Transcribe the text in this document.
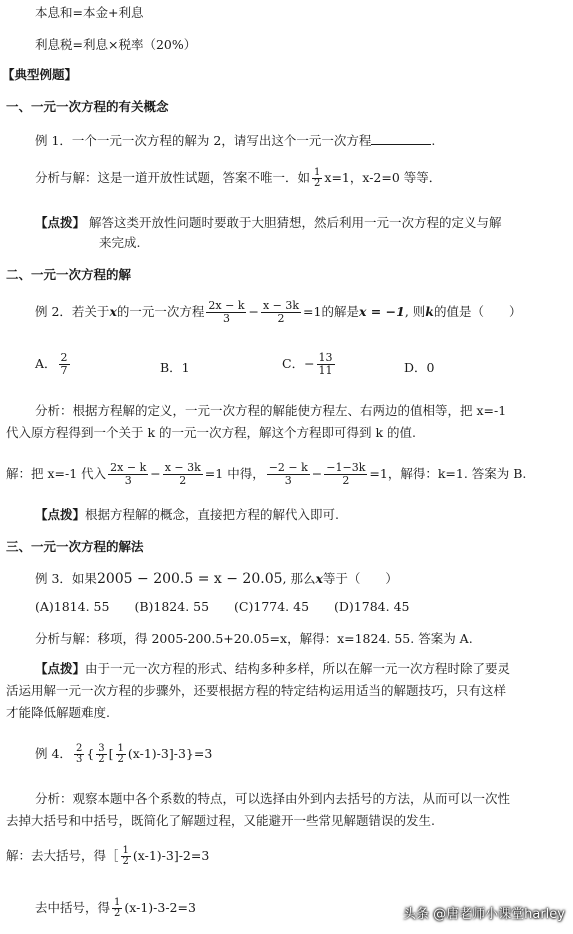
本息和=本金+利息
利息税=利息×税率（20%）
【典型例题】
一、一元一次方程的有关概念
例 1．一个一元一次方程的解为 2，请写出这个一元一次方程	.
分析与解：这是一道开放性试题，答案不唯一．如 $\frac{1}{2} x=1$，x-2=0 等等．
【点拨】 解答这类开放性问题时要敢于大胆猜想，然后利用一元一次方程的定义与解
来完成.
二、一元一次方程的解
例 2．若关于x的一元一次方程 $\frac{2x - k}{3} - \frac{x - 3k}{2} =1$的解是x = −1, 则k的值是（　　）
A． $\frac{2}{7}$	B．1	C．− $\frac{13}{11}$	D．0
分析：根据方程解的定义，一元一次方程的解能使方程左、右两边的值相等，把 x=-1
代入原方程得到一个关于 k 的一元一次方程，解这个方程即可得到 k 的值.
解：把 x=-1 代入 $\frac{2x - k}{3} - \frac{x - 3k}{2} =1$ 中得， $\frac{-2 - k}{3} - \frac{-1-3k}{2} =1$，解得：k=1. 答案为 B.
【点拨】根据方程解的概念，直接把方程的解代入即可.
三、一元一次方程的解法
例 3．如果2005 − 200.5 = x − 20.05, 那么x等于（　　）
(A)1814. 55　　(B)1824. 55　　(C)1774. 45　　(D)1784. 45
分析与解：移项，得 2005-200.5+20.05=x，解得：x=1824. 55. 答案为 A.
【点拨】由于一元一次方程的形式、结构多种多样，所以在解一元一次方程时除了要灵
活运用解一元一次方程的步骤外，还要根据方程的特定结构运用适当的解题技巧，只有这样
才能降低解题难度.
例 4． $\frac{2}{3}$ { $\frac{3}{2}$ [ $\frac{1}{2} (x-1)-3]-3\}=3$
分析：观察本题中各个系数的特点，可以选择由外到内去括号的方法，从而可以一次性
去掉大括号和中括号，既简化了解题过程，又能避开一些常见解题错误的发生.
解：去大括号，得［ $\frac{1}{2} (x-1)-3]-2=3$
去中括号，得 $\frac{1}{2} (x-1)-3-2=3$	头条 @唐老师小课堂harley
